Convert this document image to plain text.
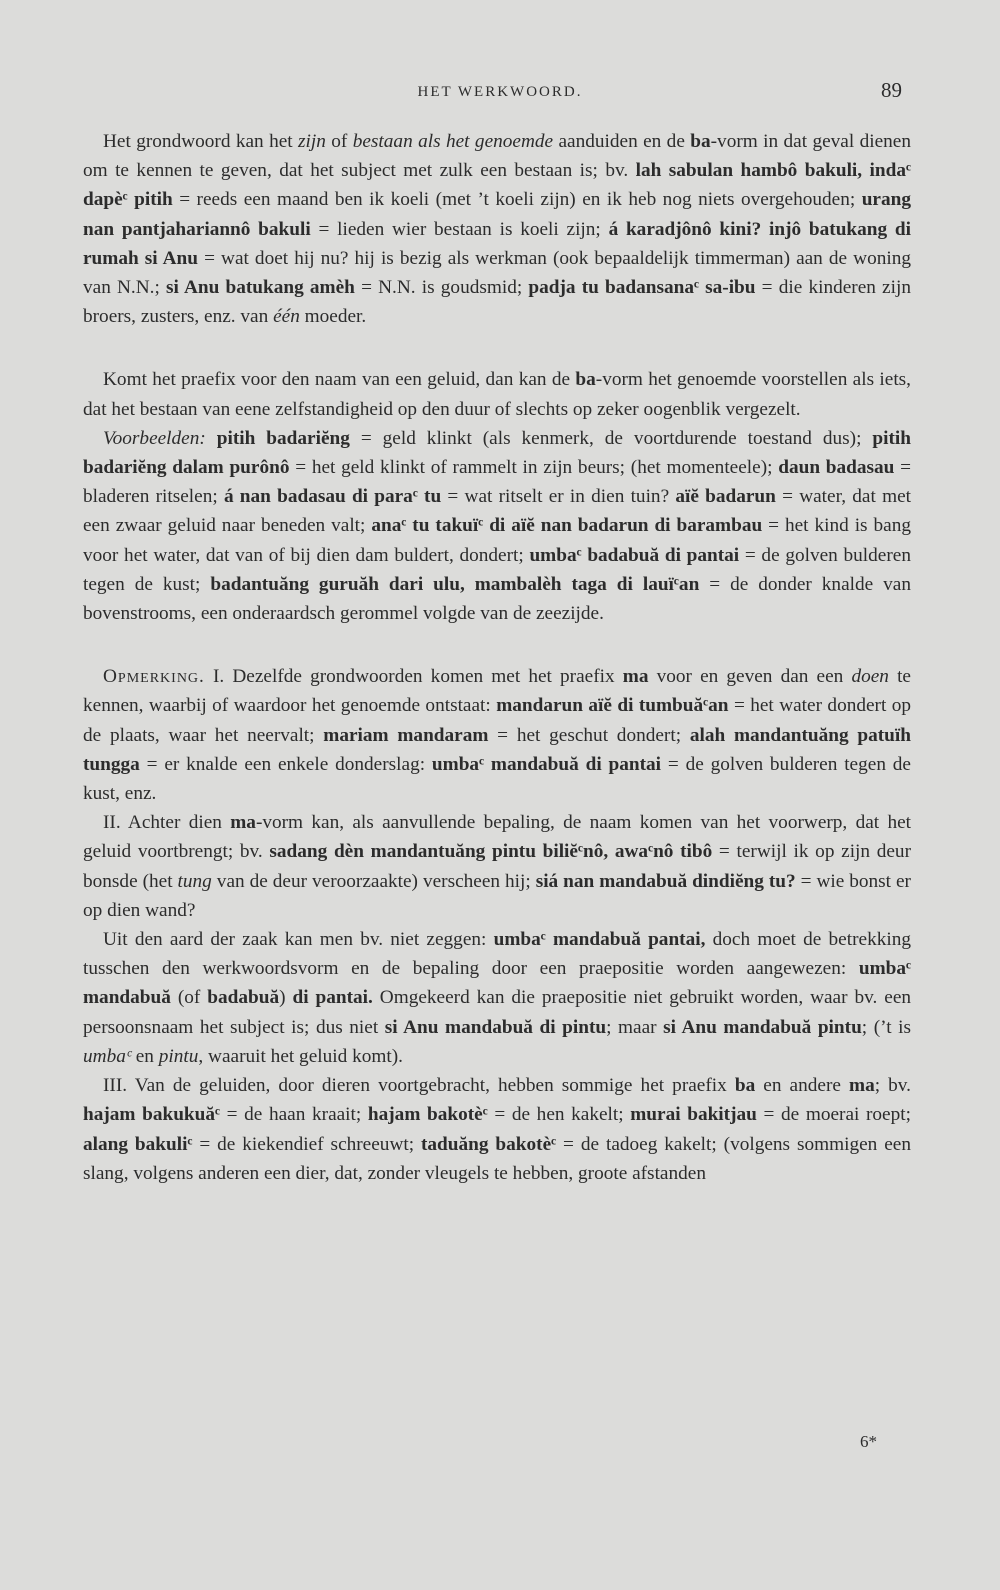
HET WERKWOORD.	89

Het grondwoord kan het zijn of bestaan als het genoemde aanduiden en de ba-vorm in dat geval dienen om te kennen te geven, dat het subject met zulk een bestaan is; bv. lah sabulan hambô bakuli, indaᶜ dapèᶜ pitih = reeds een maand ben ik koeli (met ’t koeli zijn) en ik heb nog niets overgehouden; urang nan pantjahariannô bakuli = lieden wier bestaan is koeli zijn; á karadjônô kini? injô batukang di rumah si Anu = wat doet hij nu? hij is bezig als werkman (ook bepaaldelijk timmerman) aan de woning van N.N.; si Anu batukang amèh = N.N. is goudsmid; padja tu badansanaᶜ sa-ibu = die kinderen zijn broers, zusters, enz. van één moeder.

Komt het praefix voor den naam van een geluid, dan kan de ba-vorm het genoemde voorstellen als iets, dat het bestaan van eene zelfstandigheid op den duur of slechts op zeker oogenblik vergezelt.

Voorbeelden: pitih badariĕng = geld klinkt (als kenmerk, de voortdurende toestand dus); pitih badariĕng dalam purônô = het geld klinkt of rammelt in zijn beurs; (het momenteele); daun badasau = bladeren ritselen; á nan badasau di paraᶜ tu = wat ritselt er in dien tuin? aïĕ badarun = water, dat met een zwaar geluid naar beneden valt; anaᶜ tu takuïᶜ di aïĕ nan badarun di barambau = het kind is bang voor het water, dat van of bij dien dam buldert, dondert; umbaᶜ badabuă di pantai = de golven bulderen tegen de kust; badantuăng guruăh dari ulu, mambalèh taga di lauïᶜan = de donder knalde van bovenstrooms, een onderaardsch gerommel volgde van de zeezijde.

Opmerking. I. Dezelfde grondwoorden komen met het praefix ma voor en geven dan een doen te kennen, waarbij of waardoor het genoemde ontstaat: mandarun aïĕ di tumbuăᶜan = het water dondert op de plaats, waar het neervalt; mariam mandaram = het geschut dondert; alah mandantuăng patuïh tungga = er knalde een enkele donderslag: umbaᶜ mandabuă di pantai = de golven bulderen tegen de kust, enz.

II. Achter dien ma-vorm kan, als aanvullende bepaling, de naam komen van het voorwerp, dat het geluid voortbrengt; bv. sadang dèn mandantuăng pintu biliĕᶜnô, awaᶜnô tibô = terwijl ik op zijn deur bonsde (het tung van de deur veroorzaakte) verscheen hij; siá nan mandabuă dindiĕng tu? = wie bonst er op dien wand?

Uit den aard der zaak kan men bv. niet zeggen: umbaᶜ mandabuă pantai, doch moet de betrekking tusschen den werkwoordsvorm en de bepaling door een praepositie worden aangewezen: umbaᶜ mandabuă (of badabuă) di pantai. Omgekeerd kan die praepositie niet gebruikt worden, waar bv. een persoonsnaam het subject is; dus niet si Anu mandabuă di pintu; maar si Anu mandabuă pintu; (’t is umbaᶜ en pintu, waaruit het geluid komt).

III. Van de geluiden, door dieren voortgebracht, hebben sommige het praefix ba en andere ma; bv. hajam bakukuăᶜ = de haan kraait; hajam bakotèᶜ = de hen kakelt; murai bakitjau = de moerai roept; alang bakuliᶜ = de kiekendief schreeuwt; taduăng bakotèᶜ = de tadoeg kakelt; (volgens sommigen een slang, volgens anderen een dier, dat, zonder vleugels te hebben, groote afstanden

6*
